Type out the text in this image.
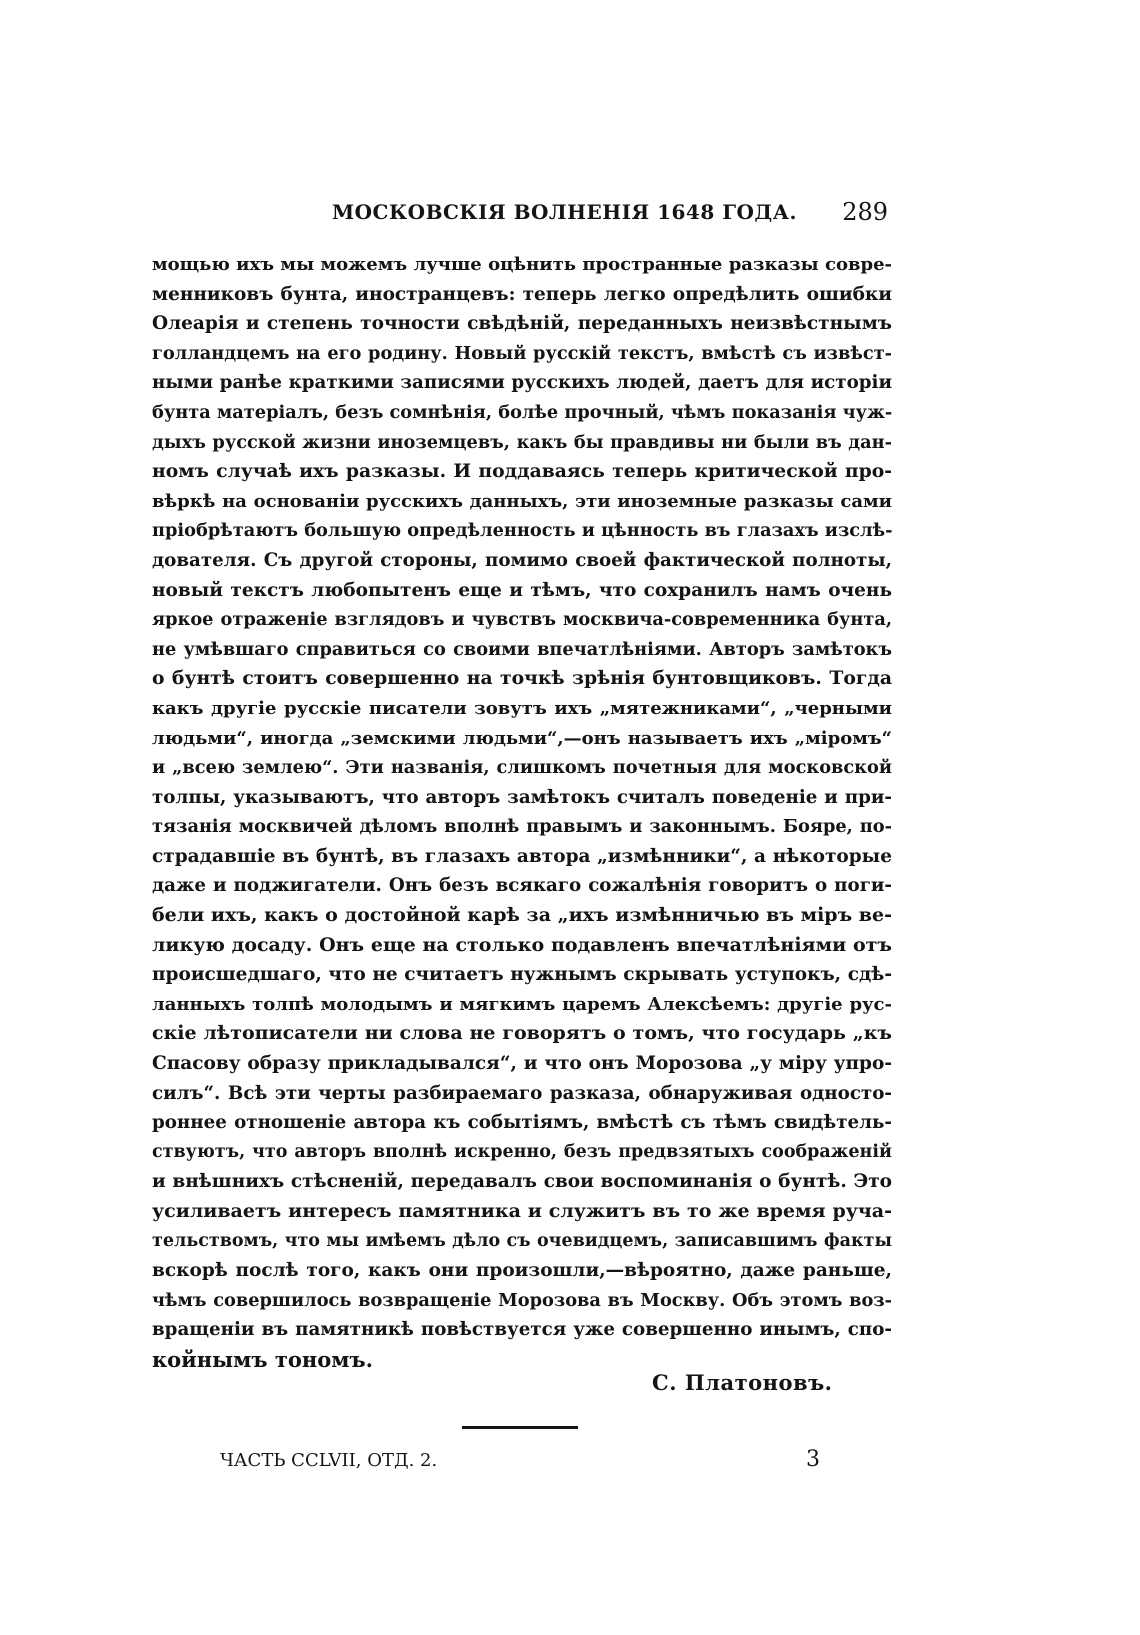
МОСКОВСКІЯ ВОЛНЕНІЯ 1648 ГОДА. 289
мощью ихъ мы можемъ лучше оцѣнить пространные разказы совре-
менниковъ бунта, иностранцевъ: теперь легко опредѣлить ошибки
Олеарія и степень точности свѣдѣній, переданныхъ неизвѣстнымъ
голландцемъ на его родину. Новый русскій текстъ, вмѣстѣ съ извѣст-
ными ранѣе краткими записями русскихъ людей, даетъ для исторіи
бунта матеріалъ, безъ сомнѣнія, болѣе прочный, чѣмъ показанія чуж-
дыхъ русской жизни иноземцевъ, какъ бы правдивы ни были въ дан-
номъ случаѣ ихъ разказы. И поддаваясь теперь критической про-
вѣркѣ на основаніи русскихъ данныхъ, эти иноземные разказы сами
пріобрѣтаютъ большую опредѣленность и цѣнность въ глазахъ изслѣ-
дователя. Съ другой стороны, помимо своей фактической полноты,
новый текстъ любопытенъ еще и тѣмъ, что сохранилъ намъ очень
яркое отраженіе взглядовъ и чувствъ москвича-современника бунта,
не умѣвшаго справиться со своими впечатлѣніями. Авторъ замѣтокъ
о бунтѣ стоитъ совершенно на точкѣ зрѣнія бунтовщиковъ. Тогда
какъ другіе русскіе писатели зовутъ ихъ „мятежниками“, „черными
людьми“, иногда „земскими людьми“,—онъ называетъ ихъ „міромъ“
и „всею землею“. Эти названія, слишкомъ почетныя для московской
толпы, указываютъ, что авторъ замѣтокъ считалъ поведеніе и при-
тязанія москвичей дѣломъ вполнѣ правымъ и законнымъ. Бояре, по-
страдавшіе въ бунтѣ, въ глазахъ автора „измѣнники“, а нѣкоторые
даже и поджигатели. Онъ безъ всякаго сожалѣнія говоритъ о поги-
бели ихъ, какъ о достойной карѣ за „ихъ измѣнничью въ міръ ве-
ликую досаду. Онъ еще на столько подавленъ впечатлѣніями отъ
происшедшаго, что не считаетъ нужнымъ скрывать уступокъ, сдѣ-
ланныхъ толпѣ молодымъ и мягкимъ царемъ Алексѣемъ: другіе рус-
скіе лѣтописатели ни слова не говорятъ о томъ, что государь „къ
Спасову образу прикладывался“, и что онъ Морозова „у міру упро-
силъ“. Всѣ эти черты разбираемаго разказа, обнаруживая односто-
роннее отношеніе автора къ событіямъ, вмѣстѣ съ тѣмъ свидѣтель-
ствуютъ, что авторъ вполнѣ искренно, безъ предвзятыхъ соображеній
и внѣшнихъ стѣсненій, передавалъ свои воспоминанія о бунтѣ. Это
усиливаетъ интересъ памятника и служитъ въ то же время руча-
тельствомъ, что мы имѣемъ дѣло съ очевидцемъ, записавшимъ факты
вскорѣ послѣ того, какъ они произошли,—вѣроятно, даже раньше,
чѣмъ совершилось возвращеніе Морозова въ Москву. Объ этомъ воз-
вращеніи въ памятникѣ повѣствуется уже совершенно инымъ, спо-
койнымъ тономъ.
С. Платоновъ.
ЧАСТЬ CCLVII, ОТД. 2.	3
